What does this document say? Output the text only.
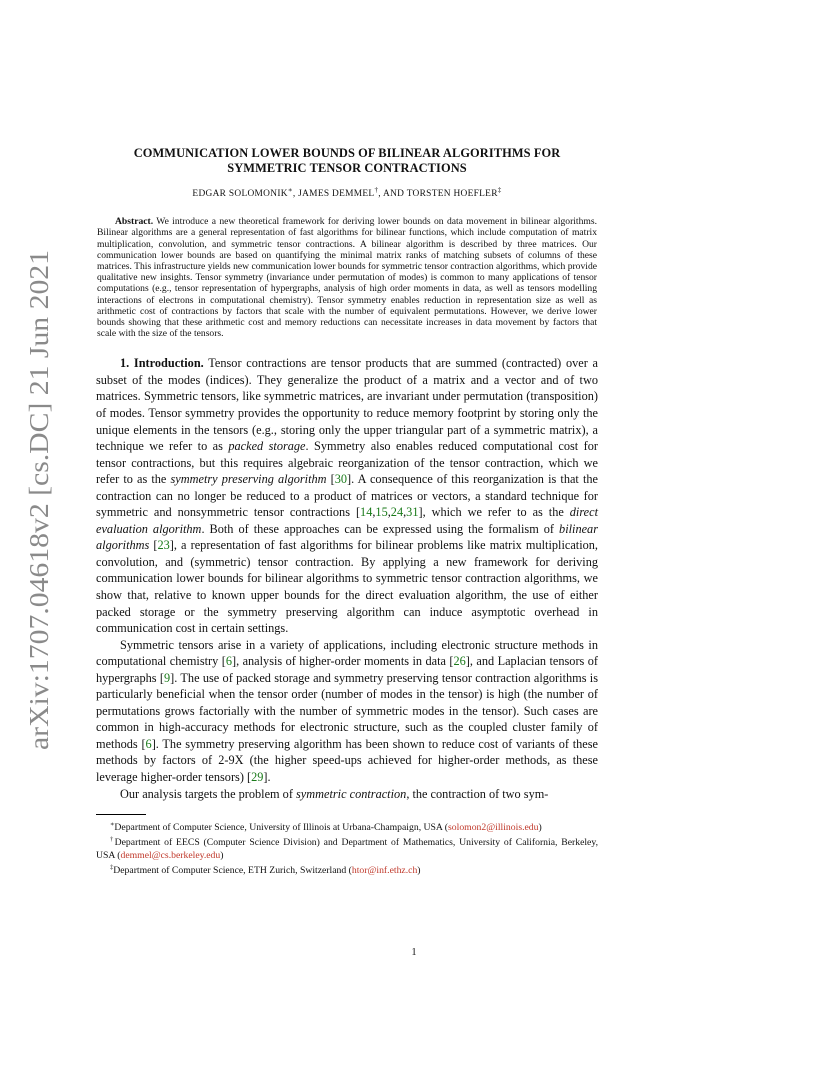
arXiv:1707.04618v2 [cs.DC] 21 Jun 2021
COMMUNICATION LOWER BOUNDS OF BILINEAR ALGORITHMS FOR
SYMMETRIC TENSOR CONTRACTIONS
EDGAR SOLOMONIK∗, JAMES DEMMEL†, AND TORSTEN HOEFLER‡
Abstract. We introduce a new theoretical framework for deriving lower bounds on data movement in bilinear algorithms. Bilinear algorithms are a general representation of fast algorithms for bilinear functions, which include computation of matrix multiplication, convolution, and symmetric tensor contractions. A bilinear algorithm is described by three matrices. Our communication lower bounds are based on quantifying the minimal matrix ranks of matching subsets of columns of these matrices. This infrastructure yields new communication lower bounds for symmetric tensor contraction algorithms, which provide qualitative new insights. Tensor symmetry (invariance under permutation of modes) is common to many applications of tensor computations (e.g., tensor representation of hypergraphs, analysis of high order moments in data, as well as tensors modelling interactions of electrons in computational chemistry). Tensor symmetry enables reduction in representation size as well as arithmetic cost of contractions by factors that scale with the number of equivalent permutations. However, we derive lower bounds showing that these arithmetic cost and memory reductions can necessitate increases in data movement by factors that scale with the size of the tensors.

1. Introduction. Tensor contractions are tensor products that are summed (contracted) over a subset of the modes (indices). They generalize the product of a matrix and a vector and of two matrices. Symmetric tensors, like symmetric matrices, are invariant under permutation (transposition) of modes. Tensor symmetry provides the opportunity to reduce memory footprint by storing only the unique elements in the tensors (e.g., storing only the upper triangular part of a symmetric matrix), a technique we refer to as packed storage. Symmetry also enables reduced computational cost for tensor contractions, but this requires algebraic reorganization of the tensor contraction, which we refer to as the symmetry preserving algorithm [30]. A consequence of this reorganization is that the contraction can no longer be reduced to a product of matrices or vectors, a standard technique for symmetric and nonsymmetric tensor contractions [14,15,24,31], which we refer to as the direct evaluation algorithm. Both of these approaches can be expressed using the formalism of bilinear algorithms [23], a representation of fast algorithms for bilinear problems like matrix multiplication, convolution, and (symmetric) tensor contraction. By applying a new framework for deriving communication lower bounds for bilinear algorithms to symmetric tensor contraction algorithms, we show that, relative to known upper bounds for the direct evaluation algorithm, the use of either packed storage or the symmetry preserving algorithm can induce asymptotic overhead in communication cost in certain settings.

Symmetric tensors arise in a variety of applications, including electronic structure methods in computational chemistry [6], analysis of higher-order moments in data [26], and Laplacian tensors of hypergraphs [9]. The use of packed storage and symmetry preserving tensor contraction algorithms is particularly beneficial when the tensor order (number of modes in the tensor) is high (the number of permutations grows factorially with the number of symmetric modes in the tensor). Such cases are common in high-accuracy methods for electronic structure, such as the coupled cluster family of methods [6]. The symmetry preserving algorithm has been shown to reduce cost of variants of these methods by factors of 2-9X (the higher speed-ups achieved for higher-order methods, as these leverage higher-order tensors) [29].

Our analysis targets the problem of symmetric contraction, the contraction of two sym-

∗Department of Computer Science, University of Illinois at Urbana-Champaign, USA (solomon2@illinois.edu)
†Department of EECS (Computer Science Division) and Department of Mathematics, University of California, Berkeley, USA (demmel@cs.berkeley.edu)
‡Department of Computer Science, ETH Zurich, Switzerland (htor@inf.ethz.ch)
1
